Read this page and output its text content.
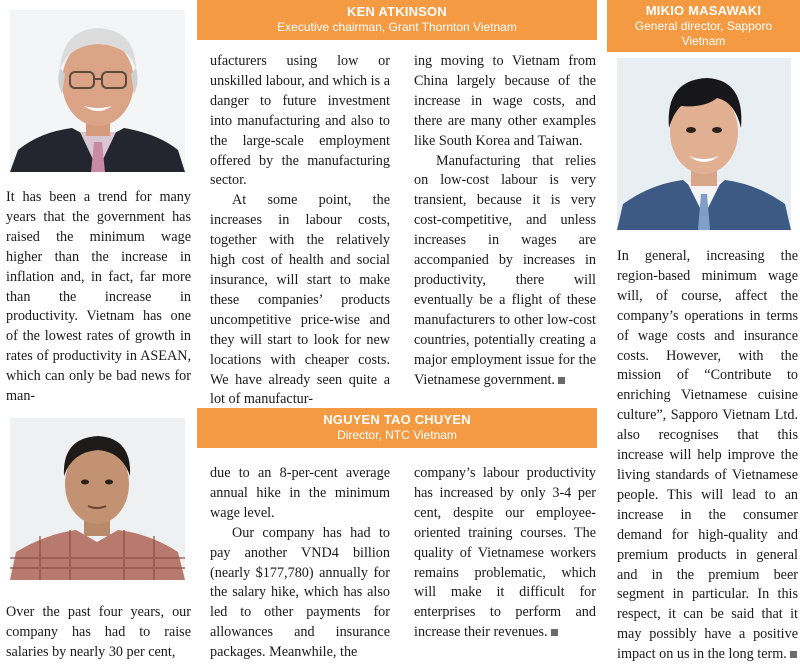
KEN ATKINSON
Executive chairman, Grant Thornton Vietnam

It has been a trend for many years that the government has raised the minimum wage higher than the increase in inflation and, in fact, far more than the increase in productivity. Vietnam has one of the lowest rates of growth in rates of productivity in ASEAN, which can only be bad news for man-

ufacturers using low or unskilled labour, and which is a danger to future investment into manufacturing and also to the large-scale employment offered by the manufacturing sector.

At some point, the increases in labour costs, together with the relatively high cost of health and social insurance, will start to make these companies’ products uncompetitive price-wise and they will start to look for new locations with cheaper costs. We have already seen quite a lot of manufactur-

ing moving to Vietnam from China largely because of the increase in wage costs, and there are many other examples like South Korea and Taiwan.

Manufacturing that relies on low-cost labour is very transient, because it is very cost-competitive, and unless increases in wages are accompanied by increases in productivity, there will eventually be a flight of these manufacturers to other low-cost countries, potentially creating a major employment issue for the Vietnamese government.

MIKIO MASAWAKI
General director, Sapporo Vietnam

In general, increasing the region-based minimum wage will, of course, affect the company’s operations in terms of wage costs and insurance costs. However, with the mission of “Contribute to enriching Vietnamese cuisine culture”, Sapporo Vietnam Ltd. also recognises that this increase will help improve the living standards of Vietnamese people. This will lead to an increase in the consumer demand for high-quality and premium products in general and in the premium beer segment in particular. In this respect, it can be said that it may possibly have a positive impact on us in the long term.

NGUYEN TAO CHUYEN
Director, NTC Vietnam

Over the past four years, our company has had to raise salaries by nearly 30 per cent,

due to an 8-per-cent average annual hike in the minimum wage level.

Our company has had to pay another VND4 billion (nearly $177,780) annually for the salary hike, which has also led to other payments for allowances and insurance packages. Meanwhile, the

company’s labour productivity has increased by only 3-4 per cent, despite our employee-oriented training courses. The quality of Vietnamese workers remains problematic, which will make it difficult for enterprises to perform and increase their revenues.
